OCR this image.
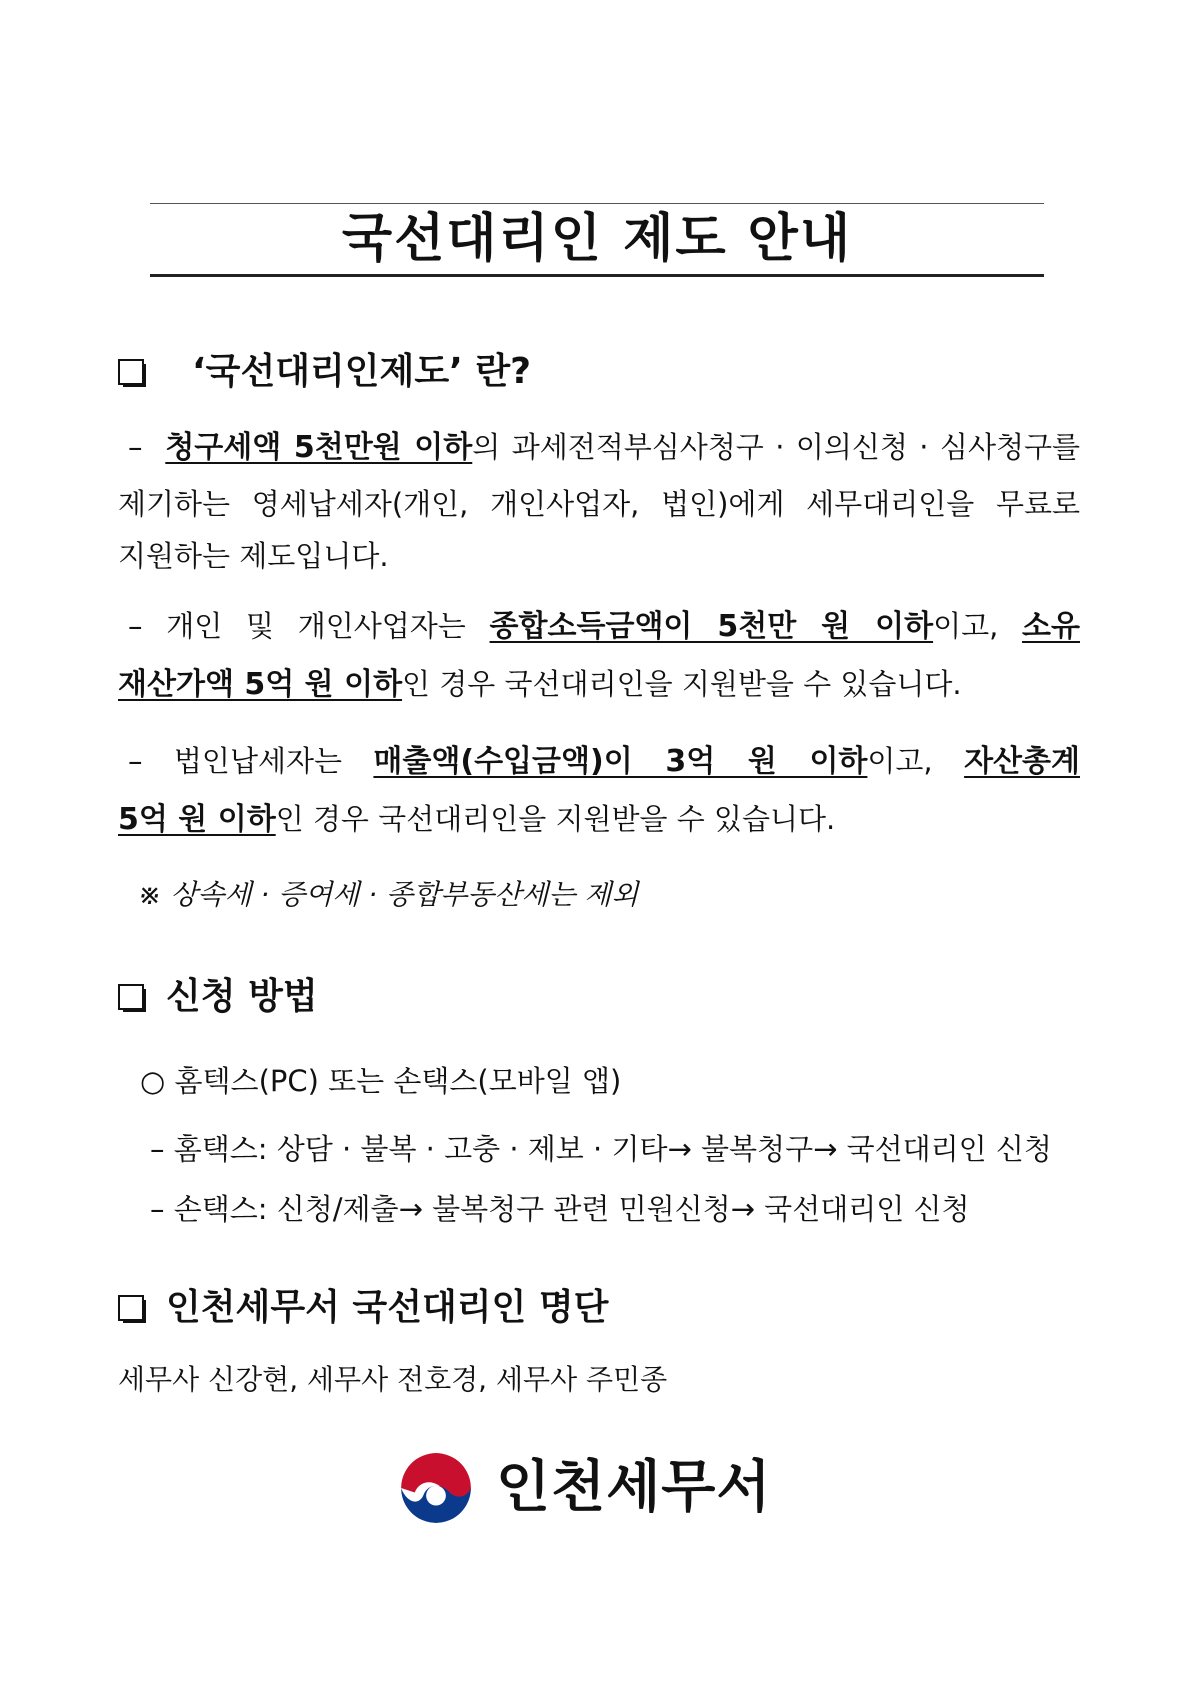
국선대리인 제도 안내
‘국선대리인제도’ 란?
– 청구세액 5천만원 이하의 과세전적부심사청구 · 이의신청 · 심사청구를
제기하는 영세납세자(개인, 개인사업자, 법인)에게 세무대리인을 무료로
지원하는 제도입니다.
– 개인 및 개인사업자는 종합소득금액이 5천만 원 이하이고, 소유
재산가액 5억 원 이하인 경우 국선대리인을 지원받을 수 있습니다.
– 법인납세자는 매출액(수입금액)이 3억 원 이하이고, 자산총계
5억 원 이하인 경우 국선대리인을 지원받을 수 있습니다.
※ 상속세 · 증여세 · 종합부동산세는 제외
신청 방법
○ 홈텍스(PC) 또는 손택스(모바일 앱)
– 홈택스: 상담 · 불복 · 고충 · 제보 · 기타→ 불복청구→ 국선대리인 신청
– 손택스: 신청/제출→ 불복청구 관련 민원신청→ 국선대리인 신청
인천세무서 국선대리인 명단
세무사 신강현, 세무사 전호경, 세무사 주민종
인천세무서
